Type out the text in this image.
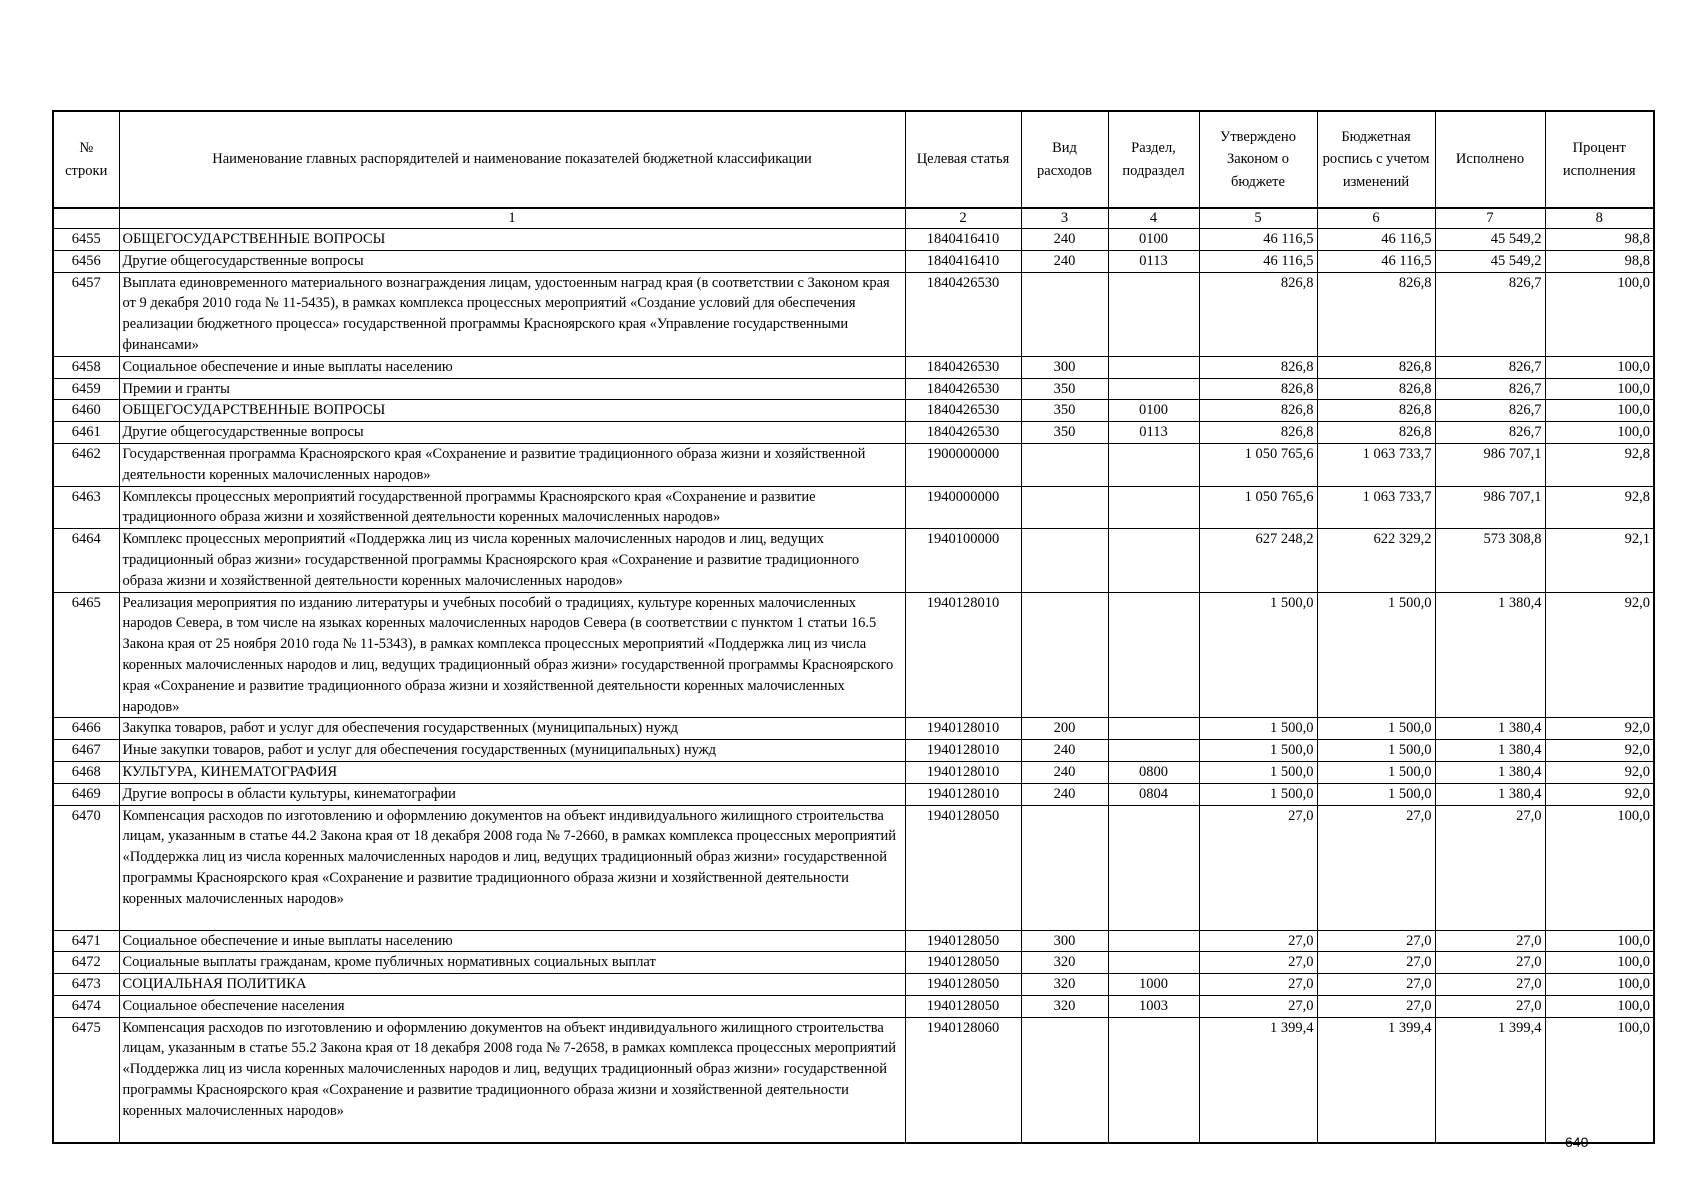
№ строки	Наименование главных распорядителей и наименование показателей бюджетной классификации	Целевая статья	Вид расходов	Раздел, подраздел	Утверждено Законом о бюджете	Бюджетная роспись с учетом изменений	Исполнено	Процент исполнения
	1	2	3	4	5	6	7	8
6455	ОБЩЕГОСУДАРСТВЕННЫЕ ВОПРОСЫ	1840416410	240	0100	46 116,5	46 116,5	45 549,2	98,8
6456	Другие общегосударственные вопросы	1840416410	240	0113	46 116,5	46 116,5	45 549,2	98,8
6457	Выплата единовременного материального вознаграждения лицам, удостоенным наград края (в соответствии с Законом края от 9 декабря 2010 года № 11-5435), в рамках комплекса процессных мероприятий «Создание условий для обеспечения реализации бюджетного процесса» государственной программы Красноярского края «Управление государственными финансами»	1840426530			826,8	826,8	826,7	100,0
6458	Социальное обеспечение и иные выплаты населению	1840426530	300		826,8	826,8	826,7	100,0
6459	Премии и гранты	1840426530	350		826,8	826,8	826,7	100,0
6460	ОБЩЕГОСУДАРСТВЕННЫЕ ВОПРОСЫ	1840426530	350	0100	826,8	826,8	826,7	100,0
6461	Другие общегосударственные вопросы	1840426530	350	0113	826,8	826,8	826,7	100,0
6462	Государственная программа Красноярского края «Сохранение и развитие традиционного образа жизни и хозяйственной деятельности коренных малочисленных народов»	1900000000			1 050 765,6	1 063 733,7	986 707,1	92,8
6463	Комплексы процессных мероприятий государственной программы Красноярского края «Сохранение и развитие традиционного образа жизни и хозяйственной деятельности коренных малочисленных народов»	1940000000			1 050 765,6	1 063 733,7	986 707,1	92,8
6464	Комплекс процессных мероприятий «Поддержка лиц из числа коренных малочисленных народов и лиц, ведущих традиционный образ жизни» государственной программы Красноярского края «Сохранение и развитие традиционного образа жизни и хозяйственной деятельности коренных малочисленных народов»	1940100000			627 248,2	622 329,2	573 308,8	92,1
6465	Реализация мероприятия по изданию литературы и учебных пособий о традициях, культуре коренных малочисленных народов Севера, в том числе на языках коренных малочисленных народов Севера (в соответствии с пунктом 1 статьи 16.5 Закона края от 25 ноября 2010 года № 11-5343), в рамках комплекса процессных мероприятий «Поддержка лиц из числа коренных малочисленных народов и лиц, ведущих традиционный образ жизни» государственной программы Красноярского края «Сохранение и развитие традиционного образа жизни и хозяйственной деятельности коренных малочисленных народов»	1940128010			1 500,0	1 500,0	1 380,4	92,0
6466	Закупка товаров, работ и услуг для обеспечения государственных (муниципальных) нужд	1940128010	200		1 500,0	1 500,0	1 380,4	92,0
6467	Иные закупки товаров, работ и услуг для обеспечения государственных (муниципальных) нужд	1940128010	240		1 500,0	1 500,0	1 380,4	92,0
6468	КУЛЬТУРА, КИНЕМАТОГРАФИЯ	1940128010	240	0800	1 500,0	1 500,0	1 380,4	92,0
6469	Другие вопросы в области культуры, кинематографии	1940128010	240	0804	1 500,0	1 500,0	1 380,4	92,0
6470	Компенсация расходов по изготовлению и оформлению документов на объект индивидуального жилищного строительства лицам, указанным в статье 44.2 Закона края от 18 декабря 2008 года № 7-2660, в рамках комплекса процессных мероприятий «Поддержка лиц из числа коренных малочисленных народов и лиц, ведущих традиционный образ жизни» государственной программы Красноярского края «Сохранение и развитие традиционного образа жизни и хозяйственной деятельности коренных малочисленных народов»	1940128050			27,0	27,0	27,0	100,0
6471	Социальное обеспечение и иные выплаты населению	1940128050	300		27,0	27,0	27,0	100,0
6472	Социальные выплаты гражданам, кроме публичных нормативных социальных выплат	1940128050	320		27,0	27,0	27,0	100,0
6473	СОЦИАЛЬНАЯ ПОЛИТИКА	1940128050	320	1000	27,0	27,0	27,0	100,0
6474	Социальное обеспечение населения	1940128050	320	1003	27,0	27,0	27,0	100,0
6475	Компенсация расходов по изготовлению и оформлению документов на объект индивидуального жилищного строительства лицам, указанным в статье 55.2 Закона края от 18 декабря 2008 года № 7-2658, в рамках комплекса процессных мероприятий «Поддержка лиц из числа коренных малочисленных народов и лиц, ведущих традиционный образ жизни» государственной программы Красноярского края «Сохранение и развитие традиционного образа жизни и хозяйственной деятельности коренных малочисленных народов»	1940128060			1 399,4	1 399,4	1 399,4	100,0
640
